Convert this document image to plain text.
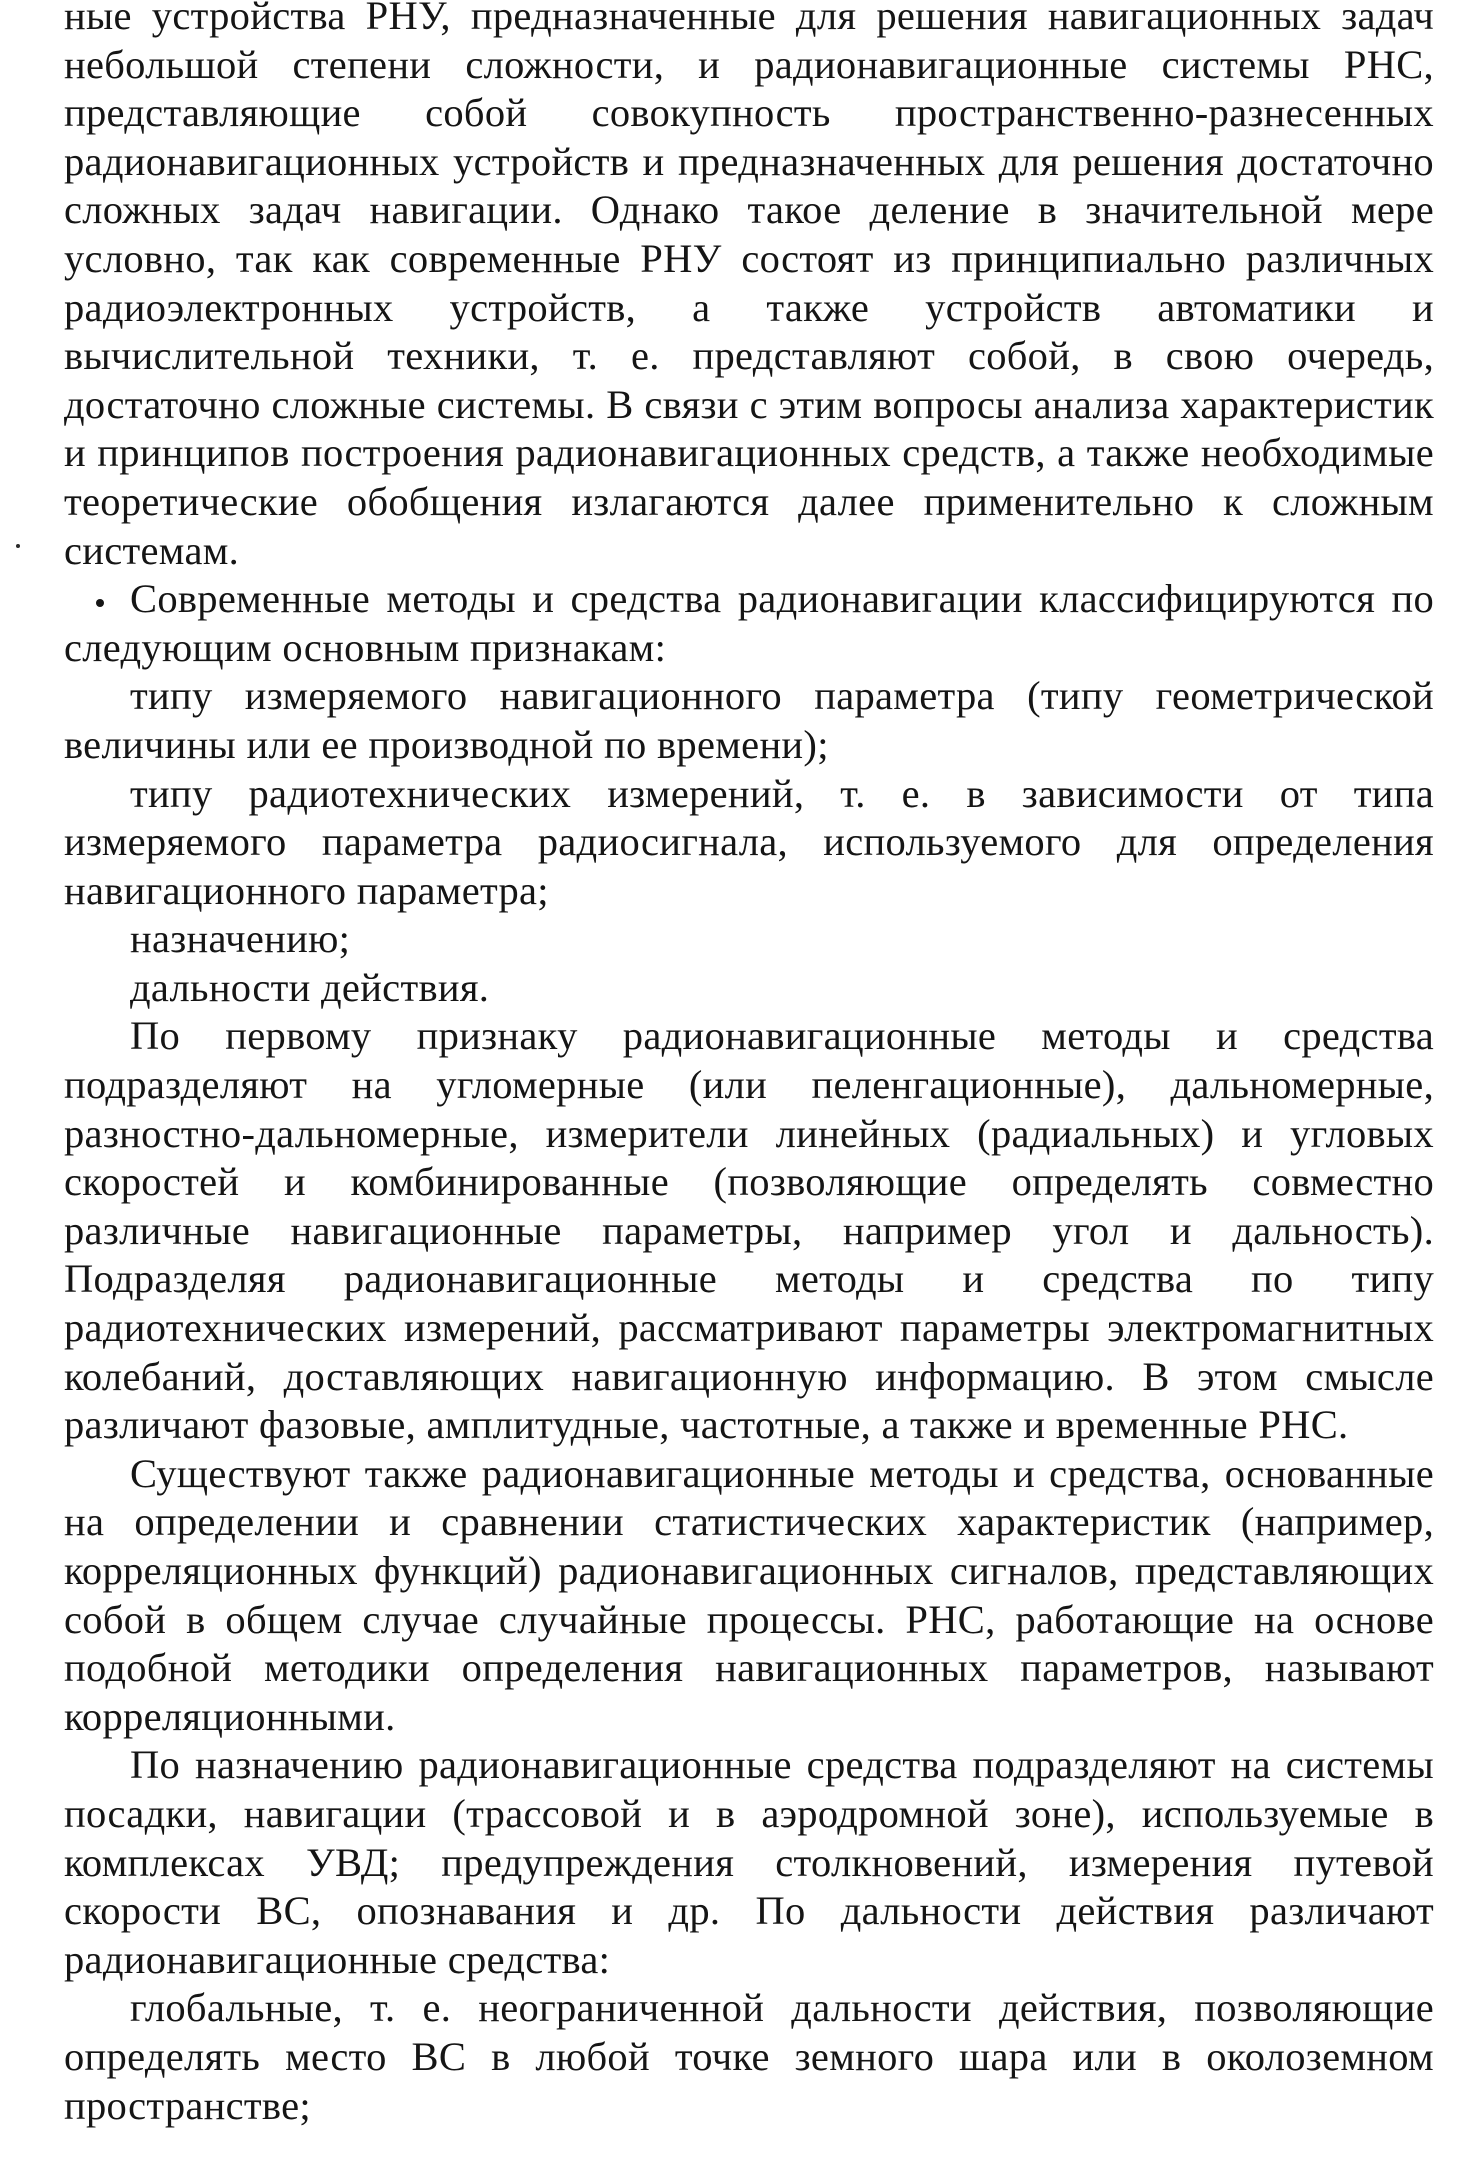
ные устройства РНУ, предназначенные для решения навигационных задач небольшой степени сложности, и радионавигационные системы РНС, представляющие собой совокупность пространственно-разнесенных радионавигационных устройств и предназначенных для решения достаточно сложных задач навигации. Однако такое деление в значительной мере условно, так как современные РНУ состоят из принципиально различных радиоэлектронных устройств, а также устройств автоматики и вычислительной техники, т. е. представляют собой, в свою очередь, достаточно сложные системы. В связи с этим вопросы анализа характеристик и принципов построения радионавигационных средств, а также необходимые теоретические обобщения излагаются далее применительно к сложным системам.

Современные методы и средства радионавигации классифицируются по следующим основным признакам:

типу измеряемого навигационного параметра (типу геометрической величины или ее производной по времени);

типу радиотехнических измерений, т. е. в зависимости от типа измеряемого параметра радиосигнала, используемого для определения навигационного параметра;

назначению;

дальности действия.

По первому признаку радионавигационные методы и средства подразделяют на угломерные (или пеленгационные), дальномерные, разностно-дальномерные, измерители линейных (радиальных) и угловых скоростей и комбинированные (позволяющие определять совместно различные навигационные параметры, например угол и дальность). Подразделяя радионавигационные методы и средства по типу радиотехнических измерений, рассматривают параметры электромагнитных колебаний, доставляющих навигационную информацию. В этом смысле различают фазовые, амплитудные, частотные, а также и временные РНС.

Существуют также радионавигационные методы и средства, основанные на определении и сравнении статистических характеристик (например, корреляционных функций) радионавигационных сигналов, представляющих собой в общем случае случайные процессы. РНС, работающие на основе подобной методики определения навигационных параметров, называют корреляционными.

По назначению радионавигационные средства подразделяют на системы посадки, навигации (трассовой и в аэродромной зоне), используемые в комплексах УВД; предупреждения столкновений, измерения путевой скорости ВС, опознавания и др. По дальности действия различают радионавигационные средства:

глобальные, т. е. неограниченной дальности действия, позволяющие определять место ВС в любой точке земного шара или в околоземном пространстве;
